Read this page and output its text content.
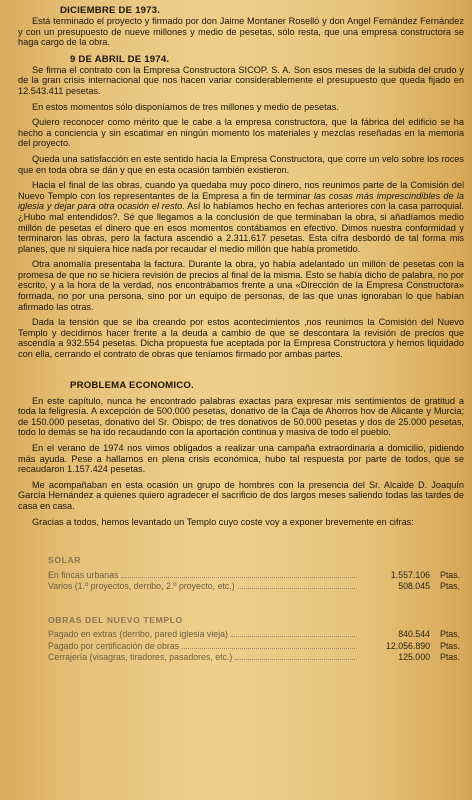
DICIEMBRE DE 1973.

Está terminado el proyecto y firmado por don Jaime Montaner Roselló y don Angel Fernández Fernández y con un presupuesto de nueve millones y medio de pesetas, sólo resta, que una empresa constructora se haga cargo de la obra.

9 DE ABRIL DE 1974.

Se firma el contrato con la Empresa Constructora SICOP. S. A. Son esos meses de la subida del crudo y de la gran crisis internacional que nos hacen variar considerablemente el presupuesto que queda fijado en 12.543.411 pesetas.

En estos momentos sólo disponíamos de tres millones y medio de pesetas.

Quiero reconocer como mérito que le cabe a la empresa constructora, que la fábrica del edificio se ha hecho a conciencia y sin escatimar en ningún momento los materiales y mezclas reseñadas en la memoria del proyecto.

Queda una satisfacción en este sentido hacia la Empresa Constructora, que corre un velo sobre los roces que en toda obra se dán y que en esta ocasión también existieron.

Hacia el final de las obras, cuando ya quedaba muy poco dinero, nos reunimos parte de la Comisión del Nuevo Templo con los representantes de la Empresa a fin de terminar las cosas más imprescindibles de la iglesia y dejar para otra ocasión el resto. Así lo habíamos hecho en fechas anteriores con la casa parroquial. ¿Hubo mal entendidos?. Sé que llegamos a la conclusión de que terminaban la obra, si añadíamos medio millón de pesetas el dinero que en esos momentos contábamos en efectivo. Dimos nuestra conformidad y terminaron las obras, pero la factura ascendió a 2.311.617 pesetas. Esta cifra desbordó de tal forma mis planes, que ni siquiera hice nada por recaudar el medio millón que había prometido.

Otra anomalía presentaba la factura. Durante la obra, yo había adelantado un millón de pesetas con la promesa de que no se hiciera revisión de precios al final de la misma. Esto se había dicho de palabra, no por escrito, y a la hora de la verdad, nos encontrábamos frente a una «Dirección de la Empresa Constructora» formada, no por una persona, sino por un equipo de personas, de las que unas ignoraban lo que habían afirmado las otras.

Dada la tensión que se iba creando por estos acontecimientos ,nos reunimos la Comisión del Nuevo Templo y decidimos hacer frente a la deuda a cambio de que se descontara la revisión de precios que ascendía a 932.554 pesetas. Dicha propuesta fue aceptada por la Empresa Constructora y hemos liquidado con ella, cerrando el contrato de obras que teníamos firmado por ambas partes.

PROBLEMA ECONOMICO.

En este capítulo, nunca he encontrado palabras exactas para expresar mis sentimientos de gratitud a toda la feligresía. A excepción de 500.000 pesetas, donativo de la Caja de Ahorros hov de Alicante y Murcia; de 150.000 pesetas, donativo del Sr. Obispo; de tres donativos de 50.000 pesetas y dos de 25.000 pesetas, todo lo demás se ha ido recaudando con la aportación continua y masiva de todo el pueblo.

En el verano de 1974 nos vimos obligados a realizar una campaña extraordinaria a domicilio, pidiendo más ayuda. Pese a hallarnos en plena crisis económica, hubo tal respuesta por parte de todos, que se recaudaron 1.157.424 pesetas.

Me acompañaban en esta ocasión un grupo de hombres con la presencia del Sr. Alcalde D. Joaquín García Hernández a quienes quiero agradecer el sacrificio de dos largos meses saliendo todas las tardes de casa en casa.

Gracias a todos, hemos levantado un Templo cuyo coste voy a exponer brevemente en cifras:

SOLAR
En fincas urbanas	1.557.106	Ptas.
Varios (1.º proyectos, derribo, 2.º proyecto, etc.)	508.045	Ptas.
OBRAS DEL NUEVO TEMPLO
Pagado en extras (derribo, pared iglesia vieja)	840.544	Ptas.
Pagado por certificación de obras	12.056.890	Ptas.
Cerrajería (visagras, tiradores, pasadores, etc.)	125.000	Ptas.
